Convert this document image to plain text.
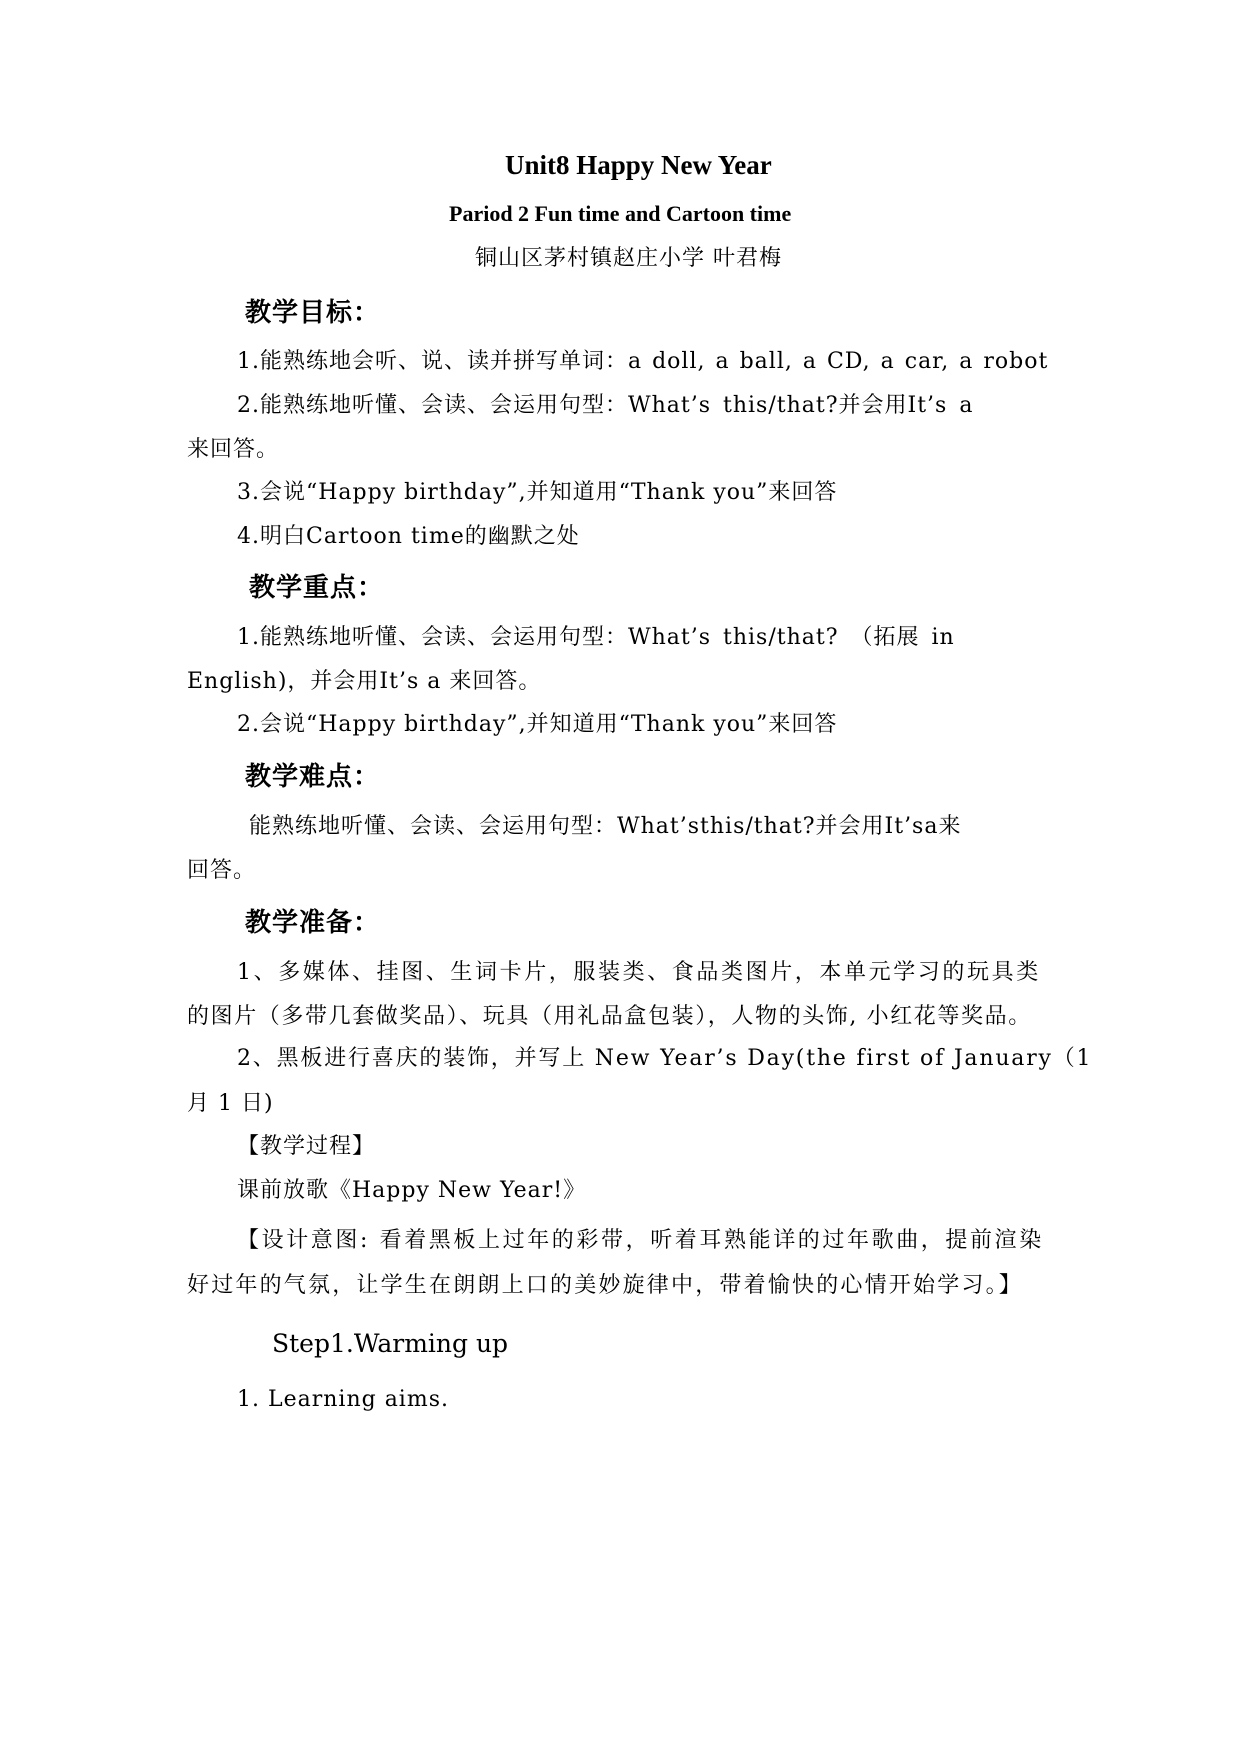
Unit8 Happy New Year
Pariod 2 Fun time and Cartoon time
铜山区茅村镇赵庄小学 叶君梅
教学目标：
1.能熟练地会听、说、读并拼写单词：a doll, a ball, a CD, a car, a robot
2.能熟练地听懂、会读、会运用句型：What’s this/that?并会用It’s a
来回答。
3.会说“Happy birthday”,并知道用“Thank you”来回答
4.明白Cartoon time的幽默之处
教学重点：
1.能熟练地听懂、会读、会运用句型：What’s this/that? （拓展 in
English)，并会用It’s a 来回答。
2.会说“Happy birthday”,并知道用“Thank you”来回答
教学难点：
能熟练地听懂、会读、会运用句型：What’sthis/that?并会用It’sa来
回答。
教学准备：
1、多媒体、挂图、生词卡片，服装类、食品类图片，本单元学习的玩具类
的图片（多带几套做奖品）、玩具（用礼品盒包装），人物的头饰, 小红花等奖品。
2、黑板进行喜庆的装饰，并写上 New Year’s Day(the first of January（1
月 1 日)
【教学过程】
课前放歌《Happy New Year!》
【设计意图: 看着黑板上过年的彩带，听着耳熟能详的过年歌曲，提前渲染
好过年的气氛，让学生在朗朗上口的美妙旋律中，带着愉快的心情开始学习。】
Step1.Warming up
1. Learning aims.
